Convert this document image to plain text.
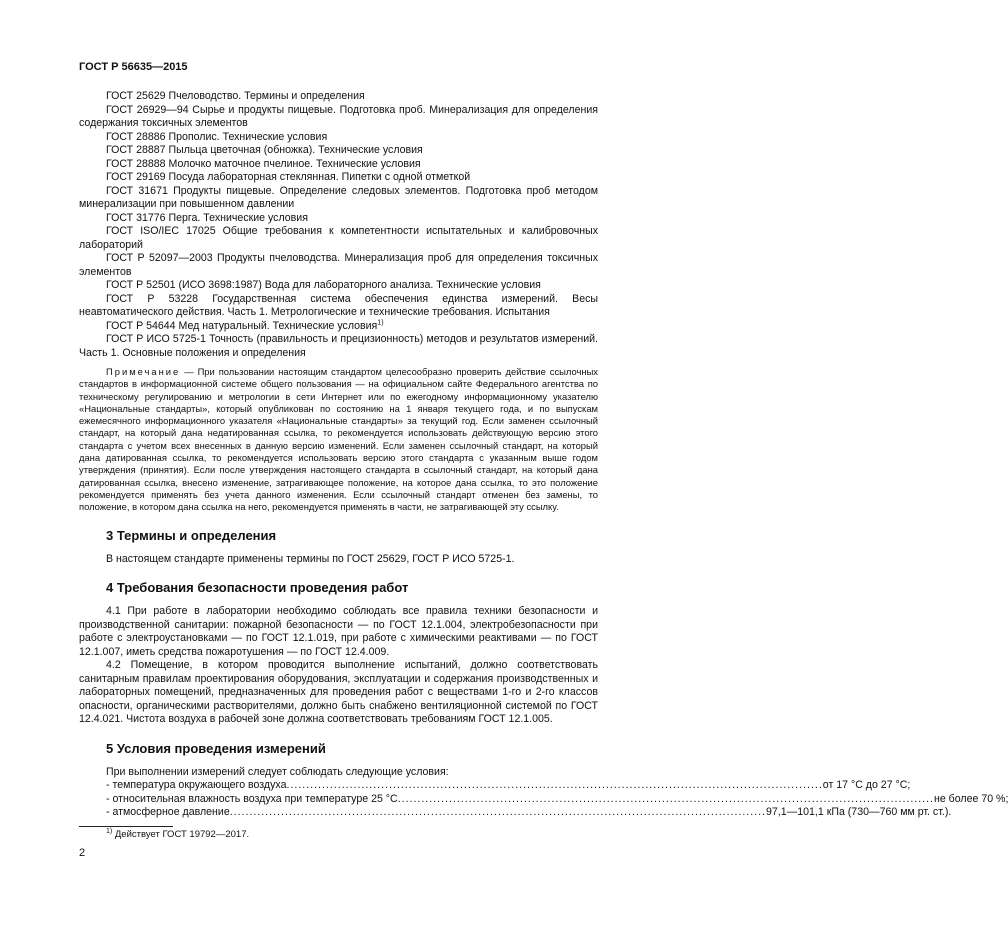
ГОСТ Р 56635—2015

ГОСТ 25629 Пчеловодство. Термины и определения

ГОСТ 26929—94 Сырье и продукты пищевые. Подготовка проб. Минерализация для определения содержания токсичных элементов

ГОСТ 28886 Прополис. Технические условия

ГОСТ 28887 Пыльца цветочная (обножка). Технические условия

ГОСТ 28888 Молочко маточное пчелиное. Технические условия

ГОСТ 29169 Посуда лабораторная стеклянная. Пипетки с одной отметкой

ГОСТ 31671 Продукты пищевые. Определение следовых элементов. Подготовка проб методом минерализации при повышенном давлении

ГОСТ 31776 Перга. Технические условия

ГОСТ ISO/IEC 17025 Общие требования к компетентности испытательных и калибровочных лабораторий

ГОСТ Р 52097—2003 Продукты пчеловодства. Минерализация проб для определения токсичных элементов

ГОСТ Р 52501 (ИСО 3698:1987) Вода для лабораторного анализа. Технические условия

ГОСТ Р 53228 Государственная система обеспечения единства измерений. Весы неавтоматического действия. Часть 1. Метрологические и технические требования. Испытания

ГОСТ Р 54644 Мед натуральный. Технические условия$^{1)}$

ГОСТ Р ИСО 5725-1 Точность (правильность и прецизионность) методов и результатов измерений. Часть 1. Основные положения и определения

Примечание — При пользовании настоящим стандартом целесообразно проверить действие ссылочных стандартов в информационной системе общего пользования — на официальном сайте Федерального агентства по техническому регулированию и метрологии в сети Интернет или по ежегодному информационному указателю «Национальные стандарты», который опубликован по состоянию на 1 января текущего года, и по выпускам ежемесячного информационного указателя «Национальные стандарты» за текущий год. Если заменен ссылочный стандарт, на который дана недатированная ссылка, то рекомендуется использовать действующую версию этого стандарта с учетом всех внесенных в данную версию изменений. Если заменен ссылочный стандарт, на который дана датированная ссылка, то рекомендуется использовать версию этого стандарта с указанным выше годом утверждения (принятия). Если после утверждения настоящего стандарта в ссылочный стандарт, на который дана датированная ссылка, внесено изменение, затрагивающее положение, на которое дана ссылка, то это положение рекомендуется применять без учета данного изменения. Если ссылочный стандарт отменен без замены, то положение, в котором дана ссылка на него, рекомендуется применять в части, не затрагивающей эту ссылку.

3 Термины и определения

В настоящем стандарте применены термины по ГОСТ 25629, ГОСТ Р ИСО 5725-1.

4 Требования безопасности проведения работ

4.1 При работе в лаборатории необходимо соблюдать все правила техники безопасности и производственной санитарии: пожарной безопасности — по ГОСТ 12.1.004, электробезопасности при работе с электроустановками — по ГОСТ 12.1.019, при работе с химическими реактивами — по ГОСТ 12.1.007, иметь средства пожаротушения — по ГОСТ 12.4.009.

4.2 Помещение, в котором проводится выполнение испытаний, должно соответствовать санитарным правилам проектирования оборудования, эксплуатации и содержания производственных и лабораторных помещений, предназначенных для проведения работ с веществами 1-го и 2-го классов опасности, органическими растворителями, должно быть снабжено вентиляционной системой по ГОСТ 12.4.021. Чистота воздуха в рабочей зоне должна соответствовать требованиям ГОСТ 12.1.005.

5 Условия проведения измерений

При выполнении измерений следует соблюдать следующие условия:

- температура окружающего воздуха ........................................................................................................................................ от 17 °С до 27 °С;
- относительная влажность воздуха при температуре 25 °С ........................................................................................................................................ не более 70 %;
- атмосферное давление ........................................................................................................................................ 97,1—101,1 кПа (730—760 мм рт. ст.).
$^{1)}$ Действует ГОСТ 19792—2017.
2
